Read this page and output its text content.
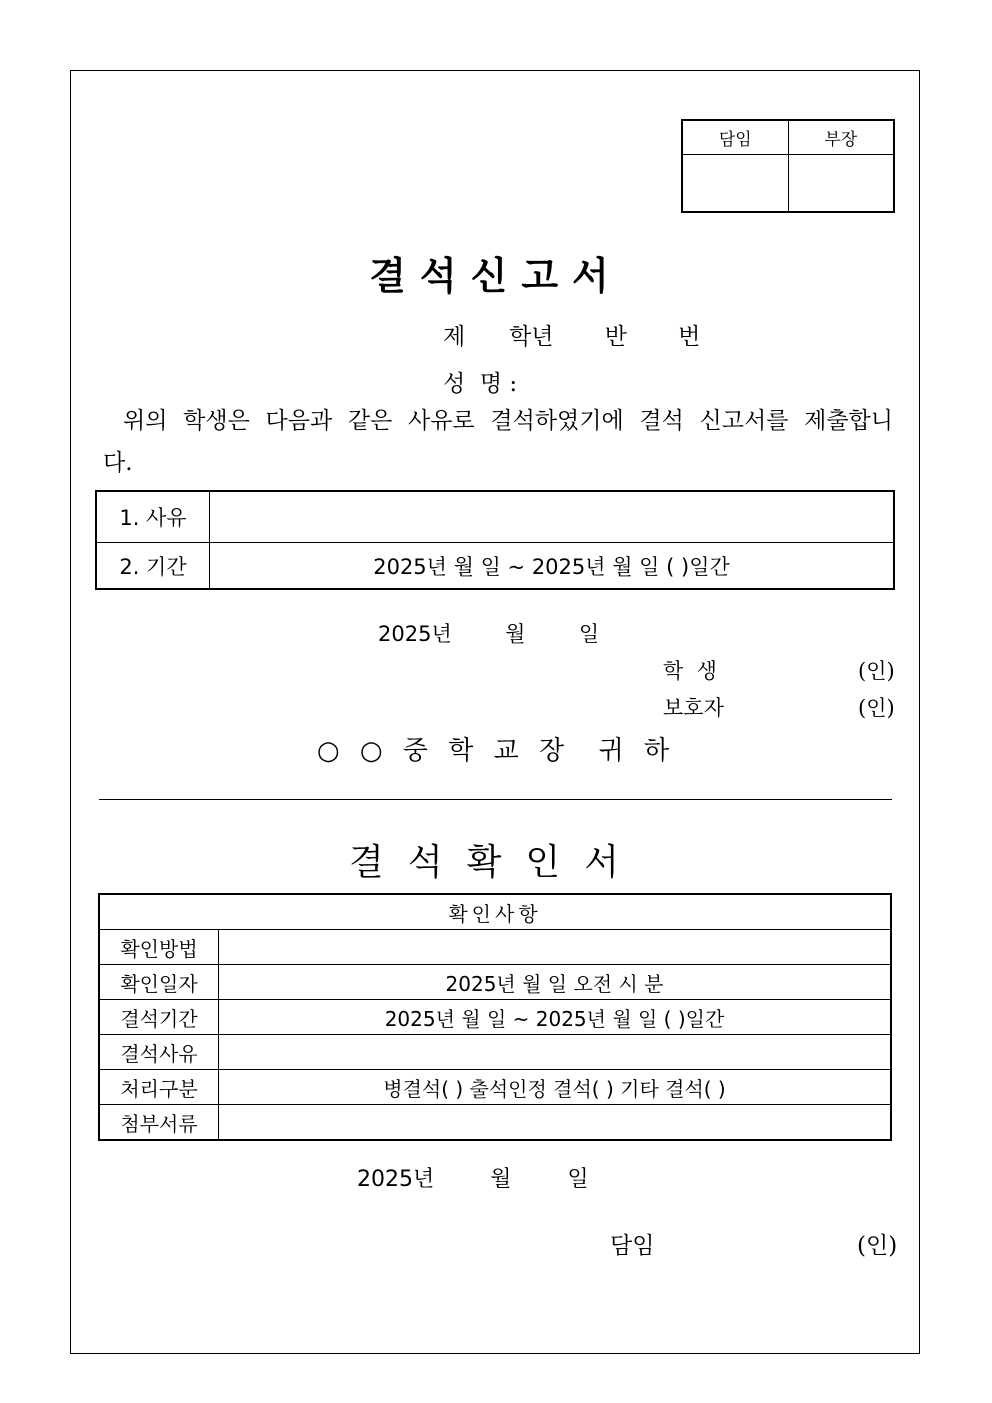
담임	부장

결석신고서
제      학년       반       번
성  명 :
위의 학생은 다음과 같은 사유로 결석하였기에 결석 신고서를 제출합니다.
1. 사유	
2. 기간	2025년 월 일 ~ 2025년 월 일 ( )일간
2025년        월        일
학  생	(인)
보호자	(인)
○ ○ 중 학 교 장  귀 하
결석확인서
확인사항	
확인방법	
확인일자	2025년 월 일 오전 시 분
결석기간	2025년 월 일 ~ 2025년 월 일 ( )일간
결석사유	
처리구분	병결석( ) 출석인정 결석( ) 기타 결석( )
첨부서류	
2025년        월        일
담임	(인)
